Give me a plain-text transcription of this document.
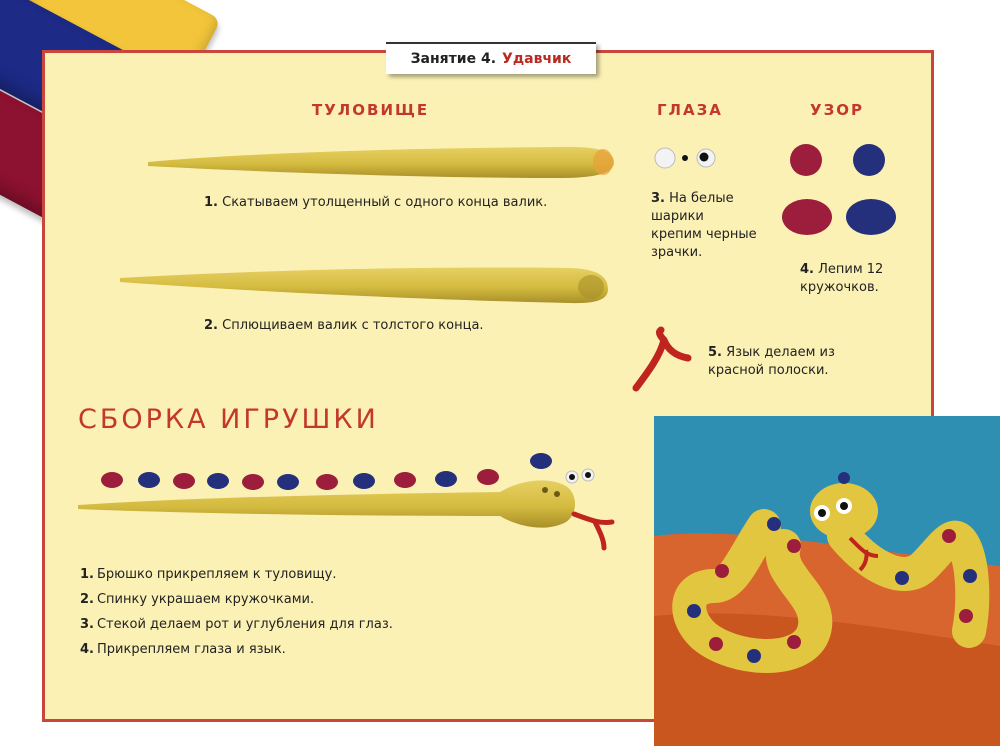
Занятие 4. Удавчик
ТУЛОВИЩЕ	ГЛАЗА	УЗОР
1. Скатываем утолщенный с одного конца валик.
2. Сплющиваем валик с толстого конца.
3. На белые
шарики
крепим черные
зрачки.
4. Лепим 12
кружочков.
5. Язык делаем из
красной полоски.
СБОРКА ИГРУШКИ
1. Брюшко прикрепляем к туловищу.
2. Спинку украшаем кружочками.
3. Стекой делаем рот и углубления для глаз.
4. Прикрепляем глаза и язык.
